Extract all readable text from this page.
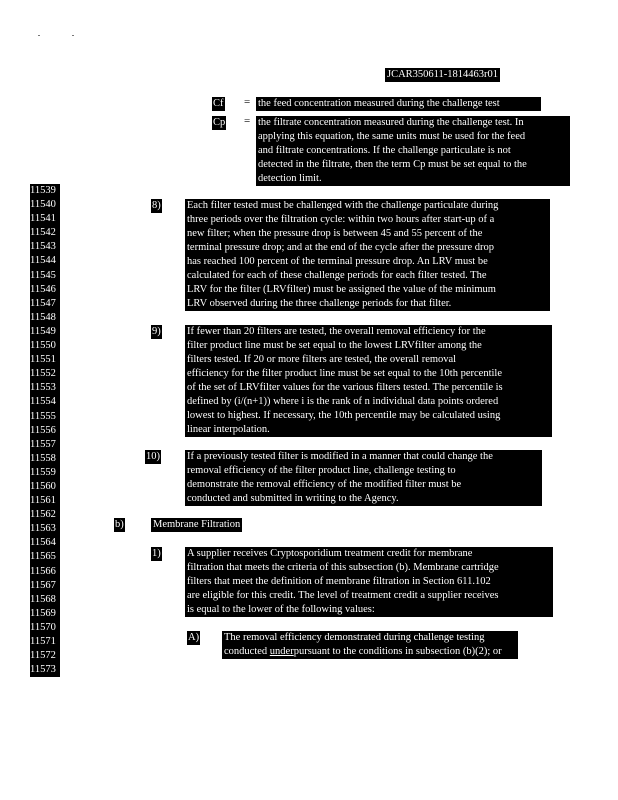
JCAR350611-1814463r01
Cf = the feed concentration measured during the challenge test
Cp = the filtrate concentration measured during the challenge test. In
applying this equation, the same units must be used for the feed
and filtrate concentrations. If the challenge particulate is not
detected in the filtrate, then the term Cp must be set equal to the
detection limit.
11539
11540
11541
11542
11543
11544
11545
11546
11547
11548
11549
11550
11551
11552
11553
11554
11555
11556
11557
11558
11559
11560
11561
11562
11563
11564
11565
11566
11567
11568
11569
11570
11571
11572
11573
8)	Each filter tested must be challenged with the challenge particulate during
three periods over the filtration cycle: within two hours after start-up of a
new filter; when the pressure drop is between 45 and 55 percent of the
terminal pressure drop; and at the end of the cycle after the pressure drop
has reached 100 percent of the terminal pressure drop. An LRV must be
calculated for each of these challenge periods for each filter tested. The
LRV for the filter (LRVfilter) must be assigned the value of the minimum
LRV observed during the three challenge periods for that filter.
9)	If fewer than 20 filters are tested, the overall removal efficiency for the
filter product line must be set equal to the lowest LRVfilter among the
filters tested. If 20 or more filters are tested, the overall removal
efficiency for the filter product line must be set equal to the 10th percentile
of the set of LRVfilter values for the various filters tested. The percentile is
defined by (i/(n+1)) where i is the rank of n individual data points ordered
lowest to highest. If necessary, the 10th percentile may be calculated using
linear interpolation.
10)	If a previously tested filter is modified in a manner that could change the
removal efficiency of the filter product line, challenge testing to
demonstrate the removal efficiency of the modified filter must be
conducted and submitted in writing to the Agency.
b)	Membrane Filtration
1)	A supplier receives Cryptosporidium treatment credit for membrane
filtration that meets the criteria of this subsection (b). Membrane cartridge
filters that meet the definition of membrane filtration in Section 611.102
are eligible for this credit. The level of treatment credit a supplier receives
is equal to the lower of the following values:
A) The removal efficiency demonstrated during challenge testing
conducted underpursuant to the conditions in subsection (b)(2); or
